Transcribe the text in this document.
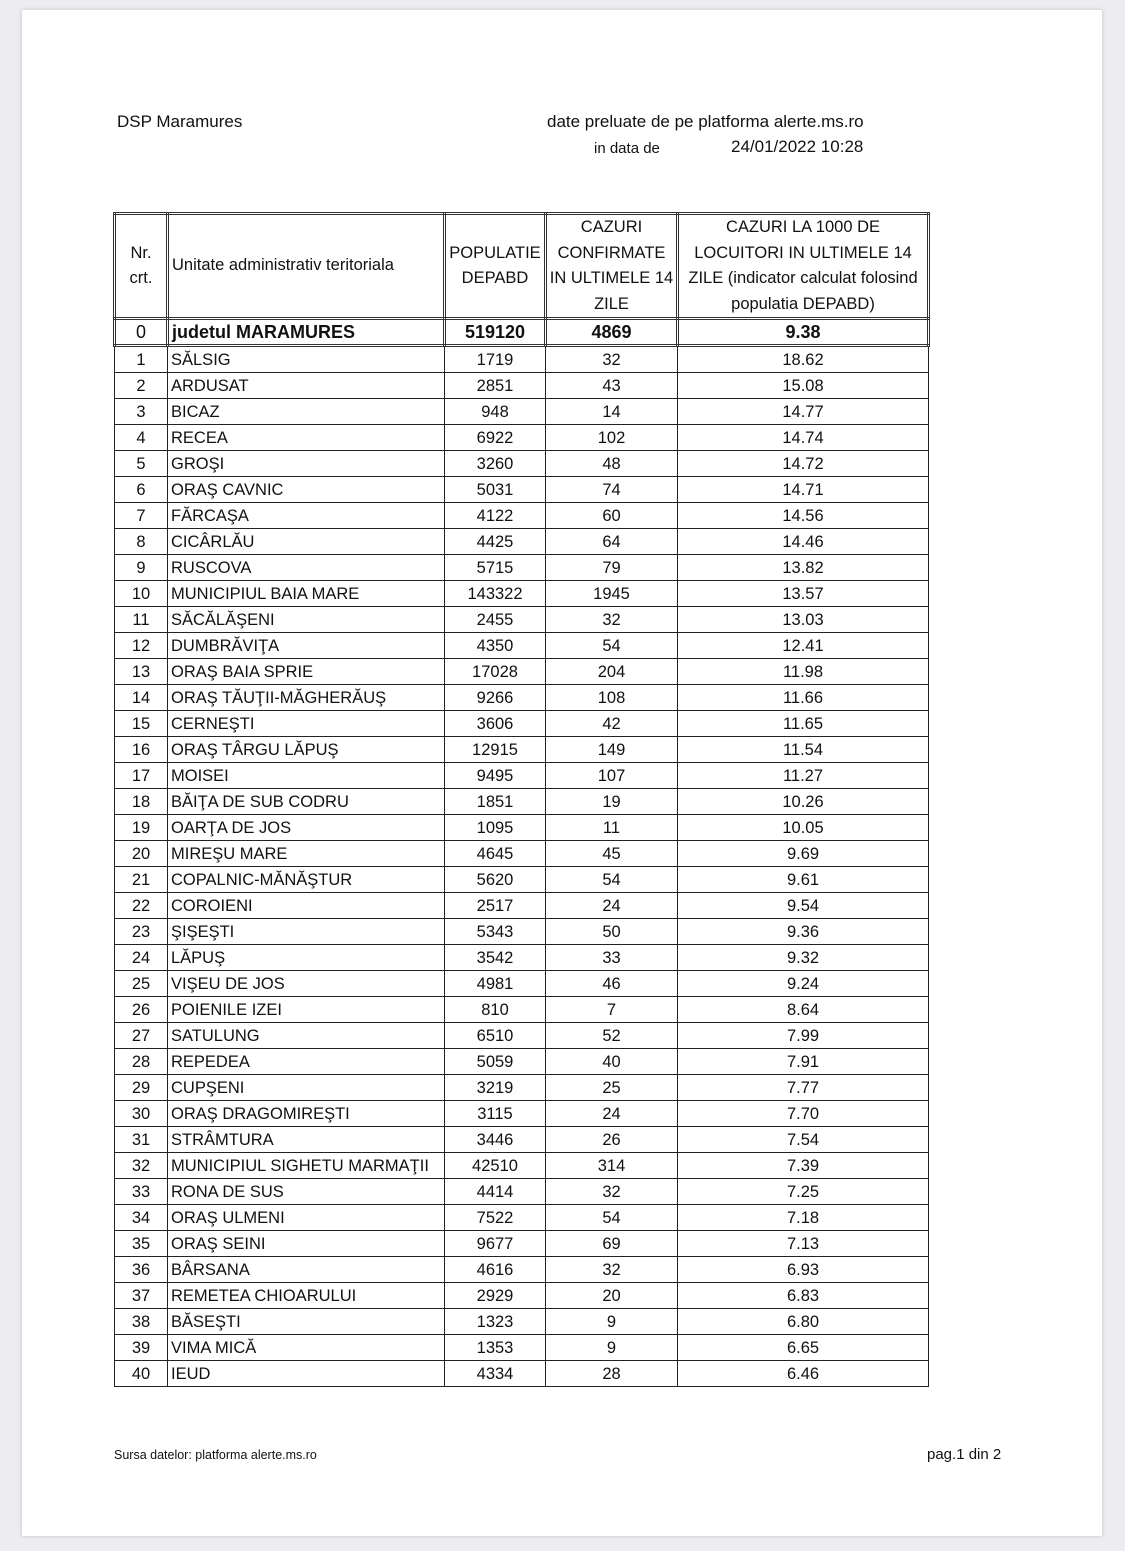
DSP Maramures	date preluate de pe platforma alerte.ms.ro
in data de	24/01/2022 10:28
Nr. crt.	Unitate administrativ teritoriala	POPULATIE DEPABD	CAZURI CONFIRMATE IN ULTIMELE 14 ZILE	CAZURI LA 1000 DE LOCUITORI IN ULTIMELE 14 ZILE (indicator calculat folosind populatia DEPABD)
0	judetul MARAMURES	519120	4869	9.38
1	SĂLSIG	1719	32	18.62
2	ARDUSAT	2851	43	15.08
3	BICAZ	948	14	14.77
4	RECEA	6922	102	14.74
5	GROŞI	3260	48	14.72
6	ORAŞ CAVNIC	5031	74	14.71
7	FĂRCAŞA	4122	60	14.56
8	CICÂRLĂU	4425	64	14.46
9	RUSCOVA	5715	79	13.82
10	MUNICIPIUL BAIA MARE	143322	1945	13.57
11	SĂCĂLĂŞENI	2455	32	13.03
12	DUMBRĂVIŢA	4350	54	12.41
13	ORAŞ BAIA SPRIE	17028	204	11.98
14	ORAŞ TĂUŢII-MĂGHERĂUŞ	9266	108	11.66
15	CERNEŞTI	3606	42	11.65
16	ORAŞ TÂRGU LĂPUŞ	12915	149	11.54
17	MOISEI	9495	107	11.27
18	BĂIŢA DE SUB CODRU	1851	19	10.26
19	OARŢA DE JOS	1095	11	10.05
20	MIREŞU MARE	4645	45	9.69
21	COPALNIC-MĂNĂŞTUR	5620	54	9.61
22	COROIENI	2517	24	9.54
23	ŞIŞEŞTI	5343	50	9.36
24	LĂPUŞ	3542	33	9.32
25	VIŞEU DE JOS	4981	46	9.24
26	POIENILE IZEI	810	7	8.64
27	SATULUNG	6510	52	7.99
28	REPEDEA	5059	40	7.91
29	CUPŞENI	3219	25	7.77
30	ORAŞ DRAGOMIREŞTI	3115	24	7.70
31	STRÂMTURA	3446	26	7.54
32	MUNICIPIUL SIGHETU MARMAŢII	42510	314	7.39
33	RONA DE SUS	4414	32	7.25
34	ORAŞ ULMENI	7522	54	7.18
35	ORAŞ SEINI	9677	69	7.13
36	BÂRSANA	4616	32	6.93
37	REMETEA CHIOARULUI	2929	20	6.83
38	BĂSEŞTI	1323	9	6.80
39	VIMA MICĂ	1353	9	6.65
40	IEUD	4334	28	6.46
Sursa datelor: platforma alerte.ms.ro	pag.1 din 2
